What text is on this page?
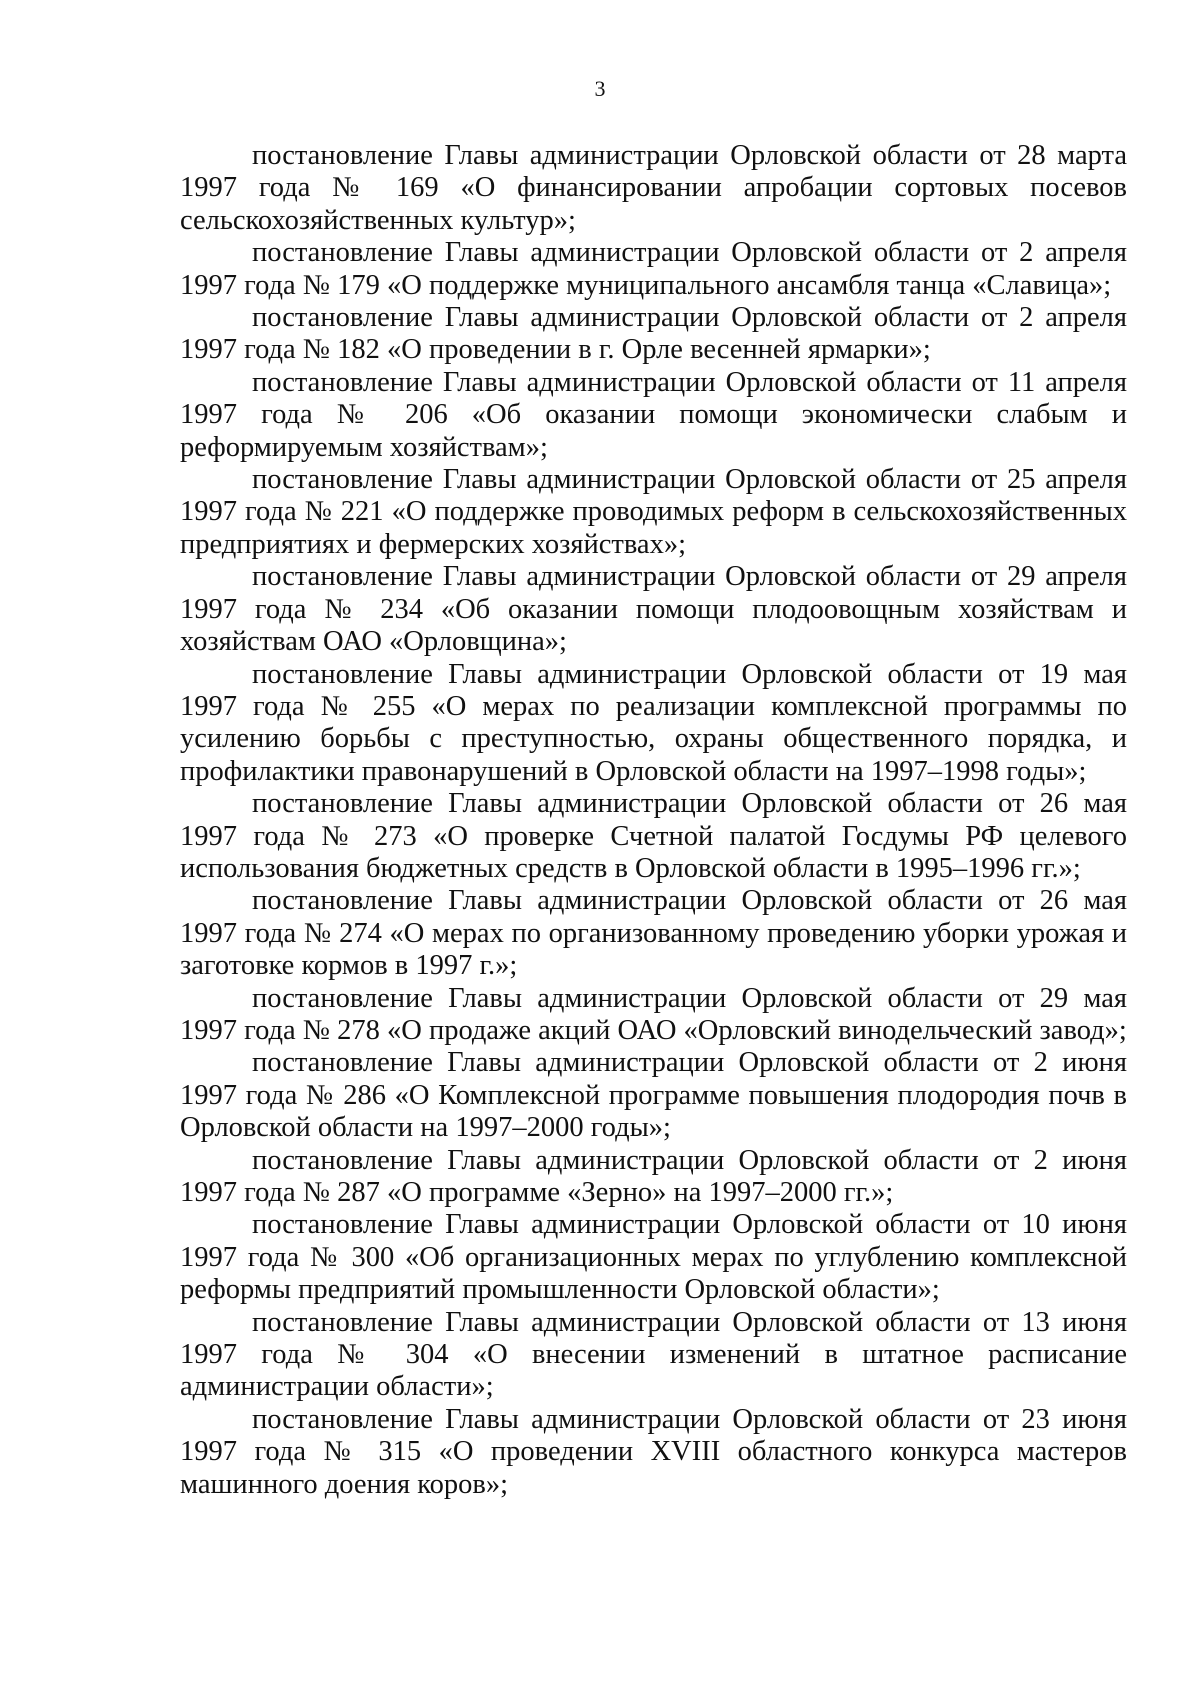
3

постановление Главы администрации Орловской области от 28 марта 1997 года № 169 «О финансировании апробации сортовых посевов сельскохозяйственных культур»;

постановление Главы администрации Орловской области от 2 апреля 1997 года № 179 «О поддержке муниципального ансамбля танца «Славица»;

постановление Главы администрации Орловской области от 2 апреля 1997 года № 182 «О проведении в г. Орле весенней ярмарки»;

постановление Главы администрации Орловской области от 11 апреля 1997 года № 206 «Об оказании помощи экономически слабым и реформируемым хозяйствам»;

постановление Главы администрации Орловской области от 25 апреля 1997 года № 221 «О поддержке проводимых реформ в сельскохозяйственных предприятиях и фермерских хозяйствах»;

постановление Главы администрации Орловской области от 29 апреля 1997 года № 234 «Об оказании помощи плодоовощным хозяйствам и хозяйствам ОАО «Орловщина»;

постановление Главы администрации Орловской области от 19 мая 1997 года № 255 «О мерах по реализации комплексной программы по усилению борьбы с преступностью, охраны общественного порядка, и профилактики правонарушений в Орловской области на 1997–1998 годы»;

постановление Главы администрации Орловской области от 26 мая 1997 года № 273 «О проверке Счетной палатой Госдумы РФ целевого использования бюджетных средств в Орловской области в 1995–1996 гг.»;

постановление Главы администрации Орловской области от 26 мая 1997 года № 274 «О мерах по организованному проведению уборки урожая и заготовке кормов в 1997 г.»;

постановление Главы администрации Орловской области от 29 мая 1997 года № 278 «О продаже акций ОАО «Орловский винодельческий завод»;

постановление Главы администрации Орловской области от 2 июня 1997 года № 286 «О Комплексной программе повышения плодородия почв в Орловской области на 1997–2000 годы»;

постановление Главы администрации Орловской области от 2 июня 1997 года № 287 «О программе «Зерно» на 1997–2000 гг.»;

постановление Главы администрации Орловской области от 10 июня 1997 года № 300 «Об организационных мерах по углублению комплексной реформы предприятий промышленности Орловской области»;

постановление Главы администрации Орловской области от 13 июня 1997 года № 304 «О внесении изменений в штатное расписание администрации области»;

постановление Главы администрации Орловской области от 23 июня 1997 года № 315 «О проведении XVIII областного конкурса мастеров машинного доения коров»;
